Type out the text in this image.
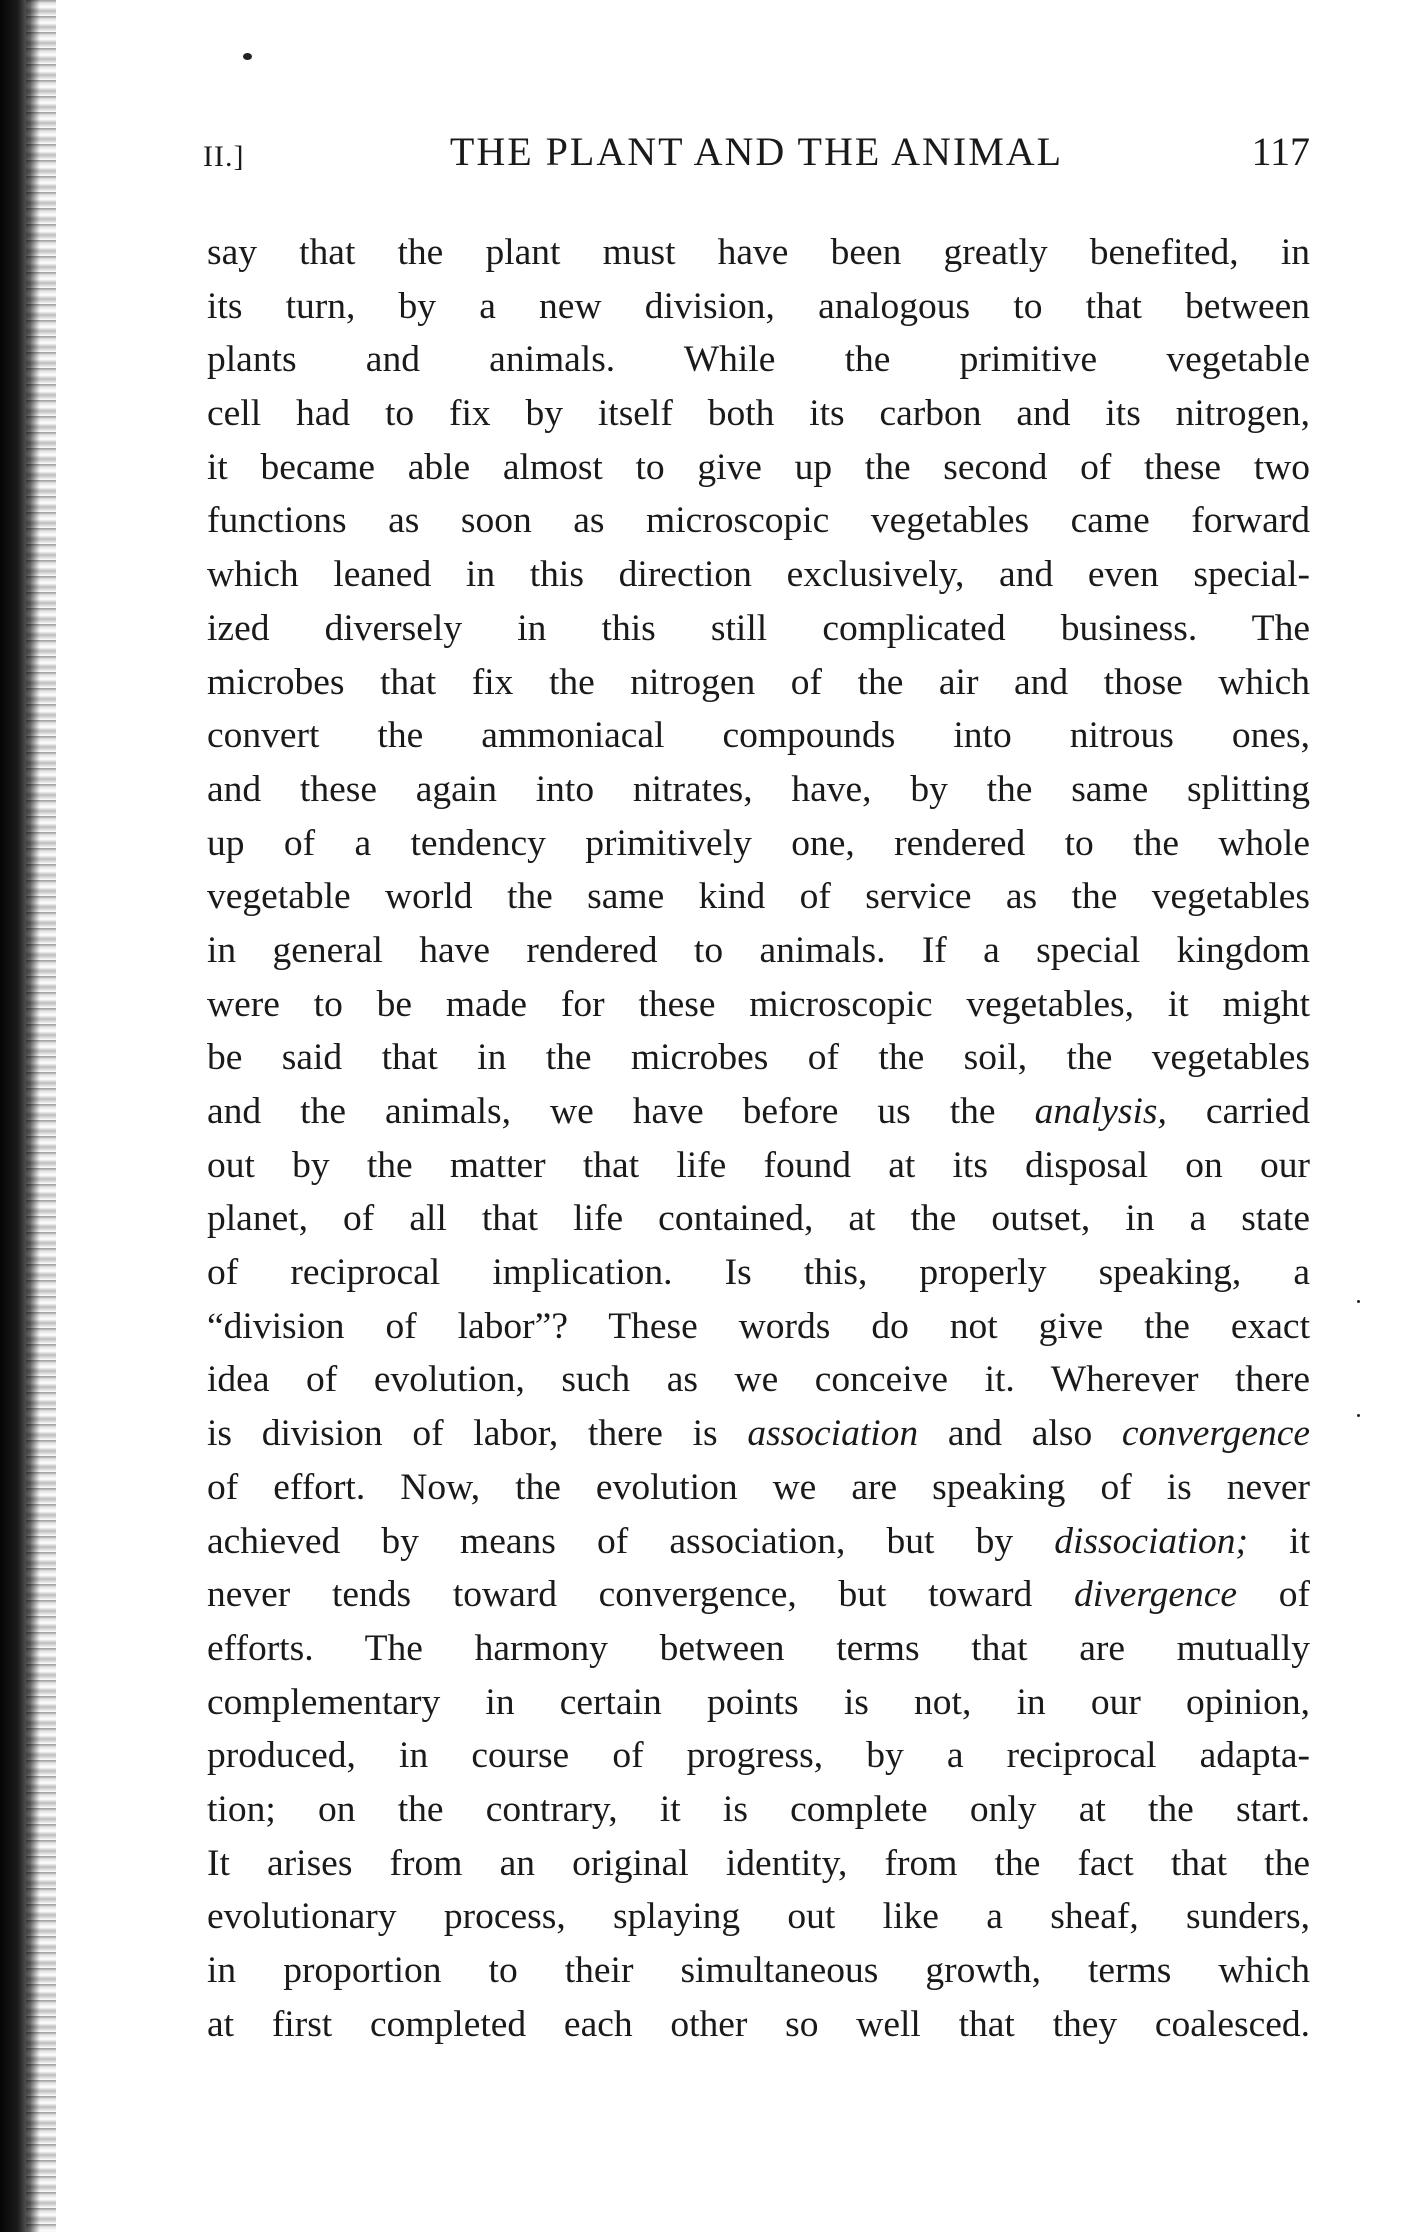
II.]	THE PLANT AND THE ANIMAL	117
say that the plant must have been greatly benefited, in
its turn, by a new division, analogous to that between
plants and animals. While the primitive vegetable
cell had to fix by itself both its carbon and its nitrogen,
it became able almost to give up the second of these two
functions as soon as microscopic vegetables came forward
which leaned in this direction exclusively, and even special-
ized diversely in this still complicated business. The
microbes that fix the nitrogen of the air and those which
convert the ammoniacal compounds into nitrous ones,
and these again into nitrates, have, by the same splitting
up of a tendency primitively one, rendered to the whole
vegetable world the same kind of service as the vegetables
in general have rendered to animals. If a special kingdom
were to be made for these microscopic vegetables, it might
be said that in the microbes of the soil, the vegetables
and the animals, we have before us the analysis, carried
out by the matter that life found at its disposal on our
planet, of all that life contained, at the outset, in a state
of reciprocal implication. Is this, properly speaking, a
“division of labor”? These words do not give the exact
idea of evolution, such as we conceive it. Wherever there
is division of labor, there is association and also convergence
of effort. Now, the evolution we are speaking of is never
achieved by means of association, but by dissociation; it
never tends toward convergence, but toward divergence of
efforts. The harmony between terms that are mutually
complementary in certain points is not, in our opinion,
produced, in course of progress, by a reciprocal adapta-
tion; on the contrary, it is complete only at the start.
It arises from an original identity, from the fact that the
evolutionary process, splaying out like a sheaf, sunders,
in proportion to their simultaneous growth, terms which
at first completed each other so well that they coalesced.
